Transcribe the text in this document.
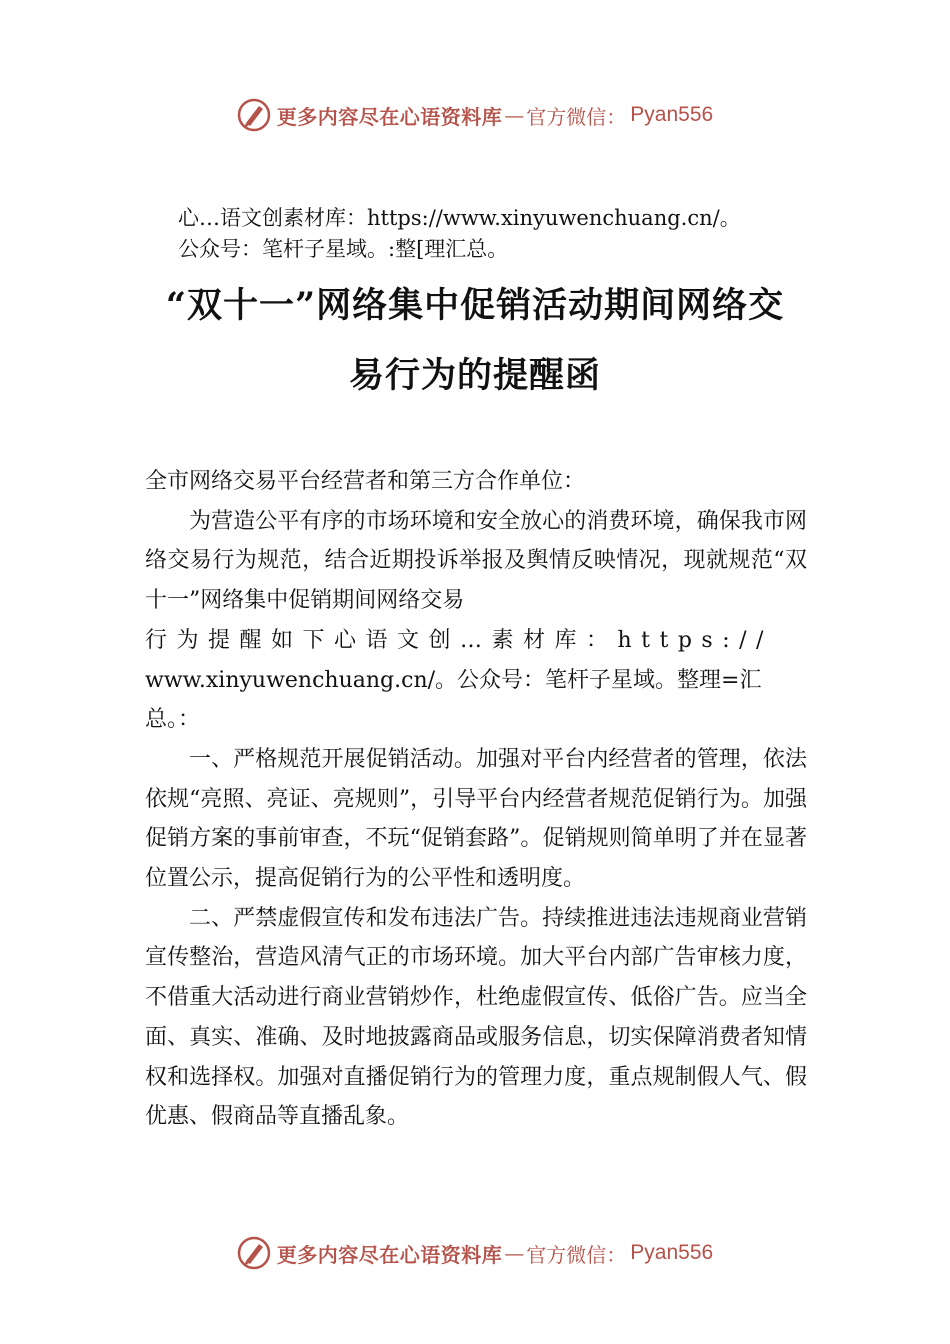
更多内容尽在心语资料库 — 官方微信： Pyan556
心…语文创素材库：https://www.xinyuwenchuang.cn/。
公众号：笔杆子星域。:整[理汇总。
“双十一”网络集中促销活动期间网络交
易行为的提醒函

全市网络交易平台经营者和第三方合作单位：

为营造公平有序的市场环境和安全放心的消费环境，确保我市网络交易行为规范，结合近期投诉举报及舆情反映情况，现就规范“双十一”网络集中促销期间网络交易

行为提醒如下心语文创…素材库：https://

www.xinyuwenchuang.cn/。公众号：笔杆子星域。整理=汇总。：

一、严格规范开展促销活动。加强对平台内经营者的管理，依法依规“亮照、亮证、亮规则”，引导平台内经营者规范促销行为。加强促销方案的事前审查，不玩“促销套路”。促销规则简单明了并在显著位置公示，提高促销行为的公平性和透明度。

二、严禁虚假宣传和发布违法广告。持续推进违法违规商业营销宣传整治，营造风清气正的市场环境。加大平台内部广告审核力度，不借重大活动进行商业营销炒作，杜绝虚假宣传、低俗广告。应当全面、真实、准确、及时地披露商品或服务信息，切实保障消费者知情权和选择权。加强对直播促销行为的管理力度，重点规制假人气、假优惠、假商品等直播乱象。

更多内容尽在心语资料库 — 官方微信： Pyan556
